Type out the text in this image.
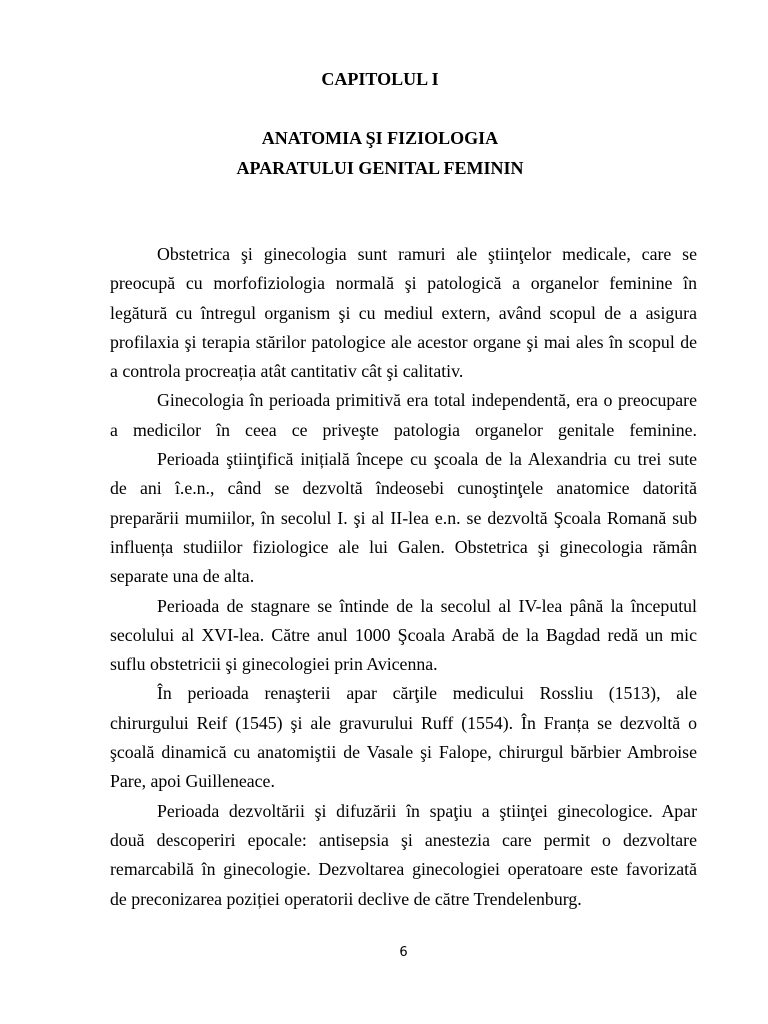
CAPITOLUL I
ANATOMIA ŞI FIZIOLOGIA
APARATULUI GENITAL FEMININ
Obstetrica şi ginecologia sunt ramuri ale ştiinţelor medicale, care se
preocupă cu morfofiziologia normală şi patologică a organelor feminine în
legătură cu întregul organism şi cu mediul extern, având scopul de a asigura
profilaxia şi terapia stărilor patologice ale acestor organe şi mai ales în scopul de
a controla procreația atât cantitativ cât şi calitativ.
Ginecologia în perioada primitivă era total independentă, era o preocupare
a medicilor în ceea ce priveşte patologia organelor genitale feminine.
Perioada ştiinţifică inițială începe cu şcoala de la Alexandria cu trei sute
de ani î.e.n., când se dezvoltă îndeosebi cunoştinţele anatomice datorită
preparării mumiilor, în secolul I. şi al II-lea e.n. se dezvoltă Şcoala Romană sub
influența studiilor fiziologice ale lui Galen. Obstetrica şi ginecologia rămân
separate una de alta.
Perioada de stagnare se întinde de la secolul al IV-lea până la începutul
secolului al XVI-lea. Către anul 1000 Şcoala Arabă de la Bagdad redă un mic
suflu obstetricii şi ginecologiei prin Avicenna.
În perioada renaşterii apar cărţile medicului Rossliu (1513), ale
chirurgului Reif (1545) şi ale gravurului Ruff (1554). În Franța se dezvoltă o
şcoală dinamică cu anatomiştii de Vasale şi Falope, chirurgul bărbier Ambroise
Pare, apoi Guilleneace.
Perioada dezvoltării şi difuzării în spaţiu a ştiinţei ginecologice. Apar
două descoperiri epocale: antisepsia şi anestezia care permit o dezvoltare
remarcabilă în ginecologie. Dezvoltarea ginecologiei operatoare este favorizată
de preconizarea poziției operatorii declive de către Trendelenburg.
6
